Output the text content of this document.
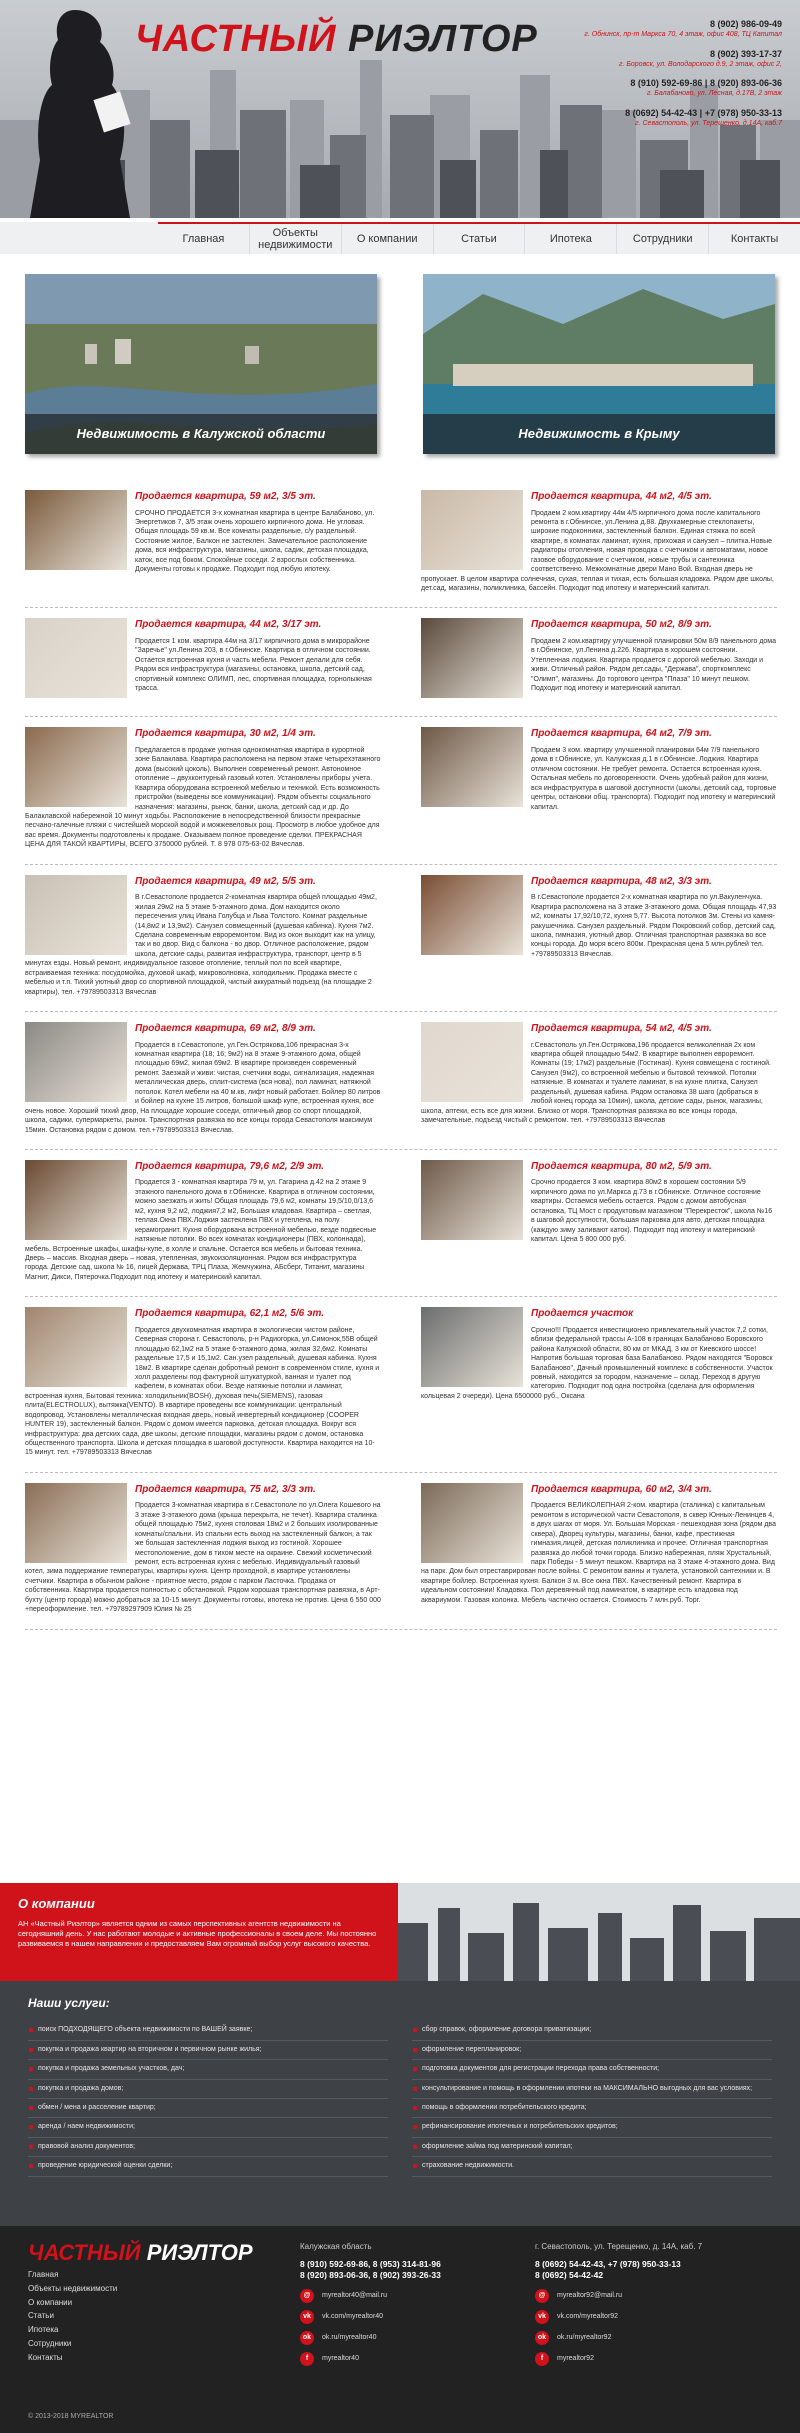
ЧАСТНЫЙ РИЭЛТОР	8 (902) 986-09-49
г. Обнинск, пр-т Маркса 70, 4 этаж, офис 408, ТЦ Капитал
8 (902) 393-17-37
г. Боровск, ул. Володарского д.9, 2 этаж, офис 2,
8 (910) 592-69-86 | 8 (920) 893-06-36
г. Балабаново, ул. Лесная, д.17В, 2 этаж
8 (0692) 54-42-43 | +7 (978) 950-33-13
г. Севастополь, ул. Терещенко, д.14А, каб.7
Главная
Объекты недвижимости
О компании	Статьи	Ипотека	Сотрудники	Контакты
Недвижимость в Калужской области	Недвижимость в Крыму
Продается квартира, 59 м2, 3/5 эт.
СРОЧНО ПРОДАЕТСЯ 3-х комнатная квартира в центре Балабаново, ул. Энергетиков 7, 3/5 этаж очень хорошего кирпичного дома. Не угловая. Общая площадь 59 кв.м. Все комнаты раздельные, с/у раздельный. Состояние жилое, Балкон не застеклен. Замечательное расположение дома, вся инфраструктура, магазины, школа, садик, детская площадка, каток, все под боком. Спокойные соседи. 2 взрослых собственника. Документы готовы к продаже. Подходит под любую ипотеку.
Продается квартира, 44 м2, 4/5 эт.
Продаем 2 ком.квартиру 44м 4/5 кирпичного дома после капитального ремонта в г.Обнинске, ул.Ленина д.88. Двухкамерные стеклопакеты, широкие подоконники, застекленный балкон. Единая стяжка по всей квартире, в комнатах ламинат, кухня, прихожая и санузел – плитка.Новые радиаторы отопления, новая проводка с счетчиком и автоматами, новое газовое оборудование с счетчиком, новые трубы и сантехника соответственно. Межкомнатные двери Мано Вой. Входная дверь не пропускает. В целом квартира солнечная, сухая, теплая и тихая, есть большая кладовка. Рядом две школы, дет.сад, магазины, поликлиника, бассейн. Подходит под ипотеку и материнский капитал.
Продается квартира, 44 м2, 3/17 эт.
Продается 1 ком. квартира 44м на 3/17 кирпичного дома в микрорайоне "Заречье" ул.Ленина 203, в г.Обнинске. Квартира в отличном состоянии. Остается встроенная кухня и часть мебели. Ремонт делали для себя. Рядом вся инфраструктура (магазины, остановка, школа, детский сад, спортивный комплекс ОЛИМП, лес, спортивная площадка, горнолыжная трасса.
Продается квартира, 50 м2, 8/9 эт.
Продаем 2 ком.квартиру улучшенной планировки 50м 8/9 панельного дома в г.Обнинске, ул.Ленина д.226. Квартира в хорошем состоянии. Утепленная лоджия. Квартира продается с дорогой мебелью. Заходи и живи. Отличный район. Рядом дет.сады, "Держава", спорткомплекс "Олимп", магазины. До торгового центра "Плаза" 10 минут пешком. Подходит под ипотеку и материнский капитал.
Продается квартира, 30 м2, 1/4 эт.
Предлагается в продаже уютная однокомнатная квартира в курортной зоне Балаклава. Квартира расположена на первом этаже четырехэтажного дома (высокий цоколь). Выполнен современный ремонт. Автономное отопление – двухконтурный газовый котел. Установлены приборы учета. Квартира оборудована встроенной мебелью и техникой. Есть возможность пристройки (выведены все коммуникации). Рядом объекты социального назначения: магазины, рынок, банки, школа, детский сад и др. До Балаклавской набережной 10 минут ходьбы. Расположение в непосредственной близости прекрасные песчано-галечные пляжи с чистейшей морской водой и можжевеловых рощ. Просмотр в любое удобное для вас время. Документы подготовлены к продаже. Оказываем полное проведение сделки. ПРЕКРАСНАЯ ЦЕНА ДЛЯ ТАКОЙ КВАРТИРЫ, ВСЕГО 3750000 рублей. Т. 8 978 075-63-02 Вячеслав.
Продается квартира, 64 м2, 7/9 эт.
Продаем 3 ком. квартиру улучшенной планировки 64м 7/9 панельного дома в г.Обнинске, ул. Калужская д.1 в г.Обнинске. Лоджия. Квартира отличном состоянии. Не требует ремонта. Остается встроенная кухня. Остальная мебель по договоренности. Очень удобный район для жизни, вся инфраструктура в шаговой доступности (школы, детский сад, торговые центры, остановки общ. транспорта). Подходит под ипотеку и материнский капитал.
Продается квартира, 49 м2, 5/5 эт.
В г.Севастополе продается 2-комнатная квартира общей площадью 49м2, жилая 29м2 на 5 этаже 5-этажного дома. Дом находится около пересечения улиц Ивана Голубца и Льва Толстого. Комнат раздельные (14,8м2 и 13,9м2). Санузел совмещенный (душевая кабинка). Кухня 7м2. Сделана современным евроремонтом. Вид из окон выходит как на улицу, так и во двор. Вид с балкона - во двор. Отличное расположение, рядом школа, детские сады, развитая инфраструктура, транспорт, центр в 5 минутах езды. Новый ремонт, индивидуальное газовое отопление, теплый пол по всей квартире, встраиваемая техника: посудомойка, духовой шкаф, микроволновка, холодильник. Продажа вместе с мебелью и т.п. Тихий уютный двор со спортивной площадкой, чистый аккуратный подъезд (на площадке 2 квартиры). тел. +79789503313 Вячеслав
Продается квартира, 48 м2, 3/3 эт.
В г.Севастополе продается 2-х комнатная квартира по ул.Вакуленчука. Квартира расположена на 3 этаже 3-этажного дома. Общая площадь 47,93 м2, комнаты 17,92/10,72, кухня 5,77. Высота потолков 3м. Стены из камня-ракушечника. Санузел раздельный. Рядом Покровский собор, детский сад, школа, гимназия, уютный двор. Отличная транспортная развязка во все концы города. До моря всего 800м. Прекрасная цена 5 млн.рублей тел. +79789503313 Вячеслав.
Продается квартира, 69 м2, 8/9 эт.
Продается в г.Севастополе, ул.Ген.Острякова,106 прекрасная 3-х комнатная квартира (18; 16; 9м2) на 8 этаже 9-этажного дома, общей площадью 69м2, жилая 69м2. В квартире произведен современный ремонт. Заезжай и живи: чистая, счетчики воды, сигнализация, надежная металлическая дверь, сплит-система (вся нова), пол ламинат, натяжной потолок. Котел мебели на 40 м.кв, лифт новый работает. Бойлер 80 литров и бойлер на кухне 15 литров, большой шкаф купе, встроенная кухня, все очень новое. Хороший тихий двор, На площадке хорошие соседи, отличный двор со спорт площадкой, школа, садики, супермаркеты, рынок. Транспортная развязка во все концы города Севастополя максимум 15мин. Остановка рядом с домом. тел.+79789503313 Вячеслав.
Продается квартира, 54 м2, 4/5 эт.
г.Севастополь ул.Ген.Острякова,196 продается великолепная 2х ком квартира общей площадью 54м2. В квартире выполнен евроремонт. Комнаты (19; 17м2) раздельные (Гостиная). Кухня совмещена с гостиной. Санузел (9м2), со встроенной мебелью и бытовой техникой. Потолки натяжные. В комнатах и туалете ламинат, в на кухне плитка, Санузел раздельный, душевая кабина. Рядом остановка 38 шаго (добраться в любой конец города за 10мин), школа, детские сады, рынок, магазины, школа, аптеки, есть все для жизни. Близко от моря. Транспортная развязка во все концы города, замечательные, подъезд чистый с ремонтом. тел. +79789503313 Вячеслав
Продается квартира, 79,6 м2, 2/9 эт.
Продается 3 - комнатная квартира 79 м, ул. Гагарина д.42 на 2 этаже 9 этажного панельного дома в г.Обнинске. Квартира в отличном состоянии, можно заезжать и жить! Общая площадь 79,6 м2, комнаты 19,5/10,0/13,6 м2, кухня 9,2 м2, лоджия7,2 м2, Большая кладовая. Квартира – светлая, теплая.Окна ПВХ.Лоджия застеклена ПВХ и утеплена, на полу керамогранит. Кухня оборудована встроенной мебелью, везде подвесные натяжные потолки. Во всех комнатах кондиционеры (ПВХ, колоннада), мебель. Встроенные шкафы, шкафы-купе, в холле и спальне. Остается вся мебель и бытовая техника. Дверь – массив. Входная дверь – новая, утепленная, звукоизоляционная. Рядом вся инфраструктура города. Детские сад, школа № 16, лицей Держава, ТРЦ Плаза, Жемчужина, АБсберг, Титанит, магазины Магнит, Дикси, Пятерочка.Подходит под ипотеку и материнский капитал.
Продается квартира, 80 м2, 5/9 эт.
Срочно продается 3 ком. квартира 80м2 в хорошем состоянии 5/9 кирпичного дома по ул.Маркса д.73 в г.Обнинске. Отличное состояние квартиры. Остаемся мебель остается. Рядом с домом автобусная остановка, ТЦ Мост с продуктовым магазином "Перекресток", школа №16 в шаговой доступности, большая парковка для авто, детская площадка (каждую зиму заливают каток). Подходит под ипотеку и материнский капитал. Цена 5 800 000 руб.
Продается квартира, 62,1 м2, 5/6 эт.
Продается двухкомнатная квартира в экологически чистом районе, Северная сторона г. Севастополь, р-н Радиогорка, ул.Симонок,55В общей площадью 62,1м2 на 5 этаже 6-этажного дома, жилая 32,6м2. Комнаты раздельные 17,5 и 15,1м2. Сан.узел раздельный, душевая кабинка. Кухня 18м2. В квартире сделан добротный ремонт в современном стиле, кухня и холл разделены под фактурной штукатуркой, ванная и туалет под кафелем, в комнатах обои. Везде натяжные потолки и ламинат, встроенная кухня, Бытовая техника: холодильник(BOSH), духовая печь(SIEMENS), газовая плита(ELECTROLUX), вытяжка(VENTO). В квартире проведены все коммуникации: центральный водопровод. Установлены металлическая входная дверь, новый инвертерный кондиционер (COOPER HUNTER 19), застекленный балкон. Рядом с домом имеется парковка, детская площадка. Вокруг вся инфраструктура: два детских сада, две школы, детские площадки, магазины рядом с домом, остановка общественного транспорта. Школа и детская площадка в шаговой доступности. Квартира находится на 10-15 минут. тел. +79789503313 Вячеслав
Продается участок
Срочно!!! Продается инвестиционно привлекательный участок 7,2 сотки, вблизи федеральной трассы А-108 в границах Балабаново Боровского района Калужской области, 80 км от МКАД, 3 км от Киевского шоссе! Напротив большая торговая база Балабаново. Рядом находятся "Боровск Балабаново", Дачный промышленный комплекс в собственности. Участок ровный, находится за городом, назначение – склад. Переход в другую категорию. Подходит под одна постройка (сделана для оформления кольцевая 2 очереди). Цена 6500000 руб., Оксана
Продается квартира, 75 м2, 3/3 эт.
Продается 3-комнатная квартира в г.Севастополе по ул.Олега Кошевого на 3 этаже 3-этажного дома (крыша перекрыта, не течет). Квартира сталинка общей площадью 75м2, кухня столовая 18м2 и 2 больших изолированные комнаты/спальни. Из спальни есть выход на застекленный балкон, а так же большая застекленная лоджия выход из гостиной. Хорошее местоположение, дом в тихом месте на окраине. Свежий косметический ремонт, есть встроенная кухня с мебелью. Индивидуальный газовый котел, зима поддержание температуры, квартиры кухня. Центр проходной, в квартире установлены счетчики. Квартира в обычном районе - приятное место, рядом с парком Ласточка. Продажа от собственника. Квартира продается полностью с обстановкой. Рядом хорошая транспортная развязка, в Арт-бухту (центр города) можно добраться за 10-15 минут. Документы готовы, ипотека не против. Цена 6 550 000 +переоформление. тел. +79789297909 Юлия № 25
Продается квартира, 60 м2, 3/4 эт.
Продается ВЕЛИКОЛЕПНАЯ 2-ком. квартира (сталинка) с капитальным ремонтом в исторической части Севастополя, в сквер Юнных-Ленинцев 4, в двух шагах от моря. Ул. Большая Морская - пешеходная зона (рядом два сквера), Дворец культуры, магазины, банки, кафе, престижная гимназия,лицей, детская поликлиника и прочее. Отличная транспортная развязка до любой точки города. Близко набережная, пляж Хрустальный, парк Победы - 5 минут пешком. Квартира на 3 этаже 4-этажного дома. Вид на парк. Дом был отреставрирован после войны. С ремонтом ванны и туалета, установкой сантехники и. В квартире бойлер. Встроенная кухня. Балкон 3 м. Все окна ПВХ. Качественный ремонт. Квартира в идеальном состоянии! Кладовка. Пол деревянный под ламинатом, в квартире есть кладовка под аквариумом. Газовая колонка. Мебель частично остается. Стоимость 7 млн.руб. Торг.
О компании
АН «Частный Риэлтор» является одним из самых перспективных агентств недвижимости на сегодняшний день. У нас работают молодые и активные профессионалы в своем деле. Мы постоянно развиваемся в нашем направлении и предоставляем Вам огромный выбор услуг высокого качества.
Наши услуги:
поиск ПОДХОДЯЩЕГО объекта недвижимости по ВАШЕЙ заявке;
покупка и продажа квартир на вторичном и первичном рынке жилья;
покупка и продажа земельных участков, дач;
покупка и продажа домов;
обмен / мена и расселение квартир;
аренда / наем недвижимости;
правовой анализ документов;
проведение юридической оценки сделки;
сбор справок, оформление договора приватизации;
оформление перепланировок;
подготовка документов для регистрации перехода права собственности;
консультирование и помощь в оформлении ипотеки на МАКСИМАЛЬНО выгодных для вас условиях;
помощь в оформлении потребительского кредита;
рефинансирование ипотечных и потребительских кредитов;
оформление займа под материнский капитал;
страхование недвижимости.
ЧАСТНЫЙ РИЭЛТОР
Главная
Объекты недвижимости
О компании
Статьи
Ипотека
Сотрудники
Контакты
Калужская область
8 (910) 592-69-86, 8 (953) 314-81-96
8 (920) 893-06-36, 8 (902) 393-26-33
@	myrealtor40@mail.ru
vk	vk.com/myrealtor40
ok	ok.ru/myrealtor40
f	myrealtor40
г. Севастополь, ул. Терещенко, д. 14А, каб. 7
8 (0692) 54-42-43, +7 (978) 950-33-13
8 (0692) 54-42-42
@	myrealtor92@mail.ru
vk	vk.com/myrealtor92
ok	ok.ru/myrealtor92
f	myrealtor92
© 2013-2018 MYREALTOR
